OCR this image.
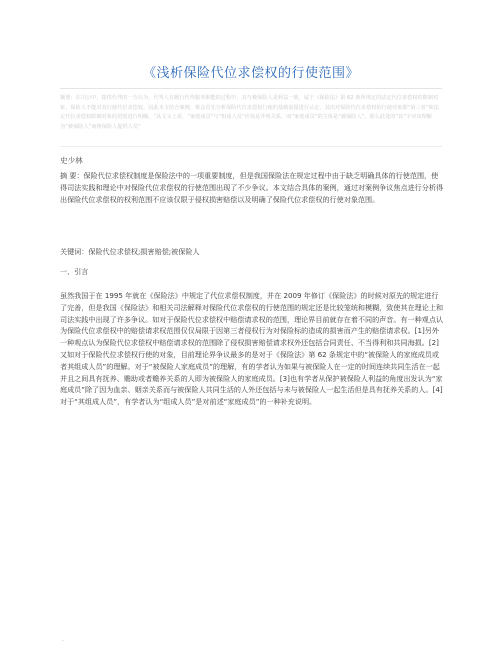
《浅析保险代位求偿权的行使范围》

摘要：在司公中，提供代驾的一方认为，代驾人在履行代驾服务职能的过程中，其与被保险人是利益一致，属于《保险法》第 62 条所规定的法定代位求偿权的限制对象，保险人不能对其行使代位求偿权。因此本文结合案例，将会首先分析保险代位求偿权行使的基础前提进行认定，其次对保险代位求偿权的行使对象即“第三者”和法定代位求偿权限制对象的范围进行明确。“从文义上看，“家庭成员”与“组成人员”应该是并列关系，而“家庭成员”的主体是“被保险人”，那么此处的“其”字应该理解为“被保险人”而将保险人提供人员”

史少林

摘 要：保险代位求偿权制度是保险法中的一项重要制度，但是我国保险法在规定过程中由于缺乏明确具体的行使范围，使得司法实践和理论中对保险代位求偿权的行使范围出现了不少争议。本文结合具体的案例，通过对案例争议焦点进行分析得出保险代位求偿权的权利范围不应该仅限于侵权损害赔偿以及明确了保险代位求偿权的行使对象范围。

关键词：保险代位求偿权;损害赔偿;被保险人

一、引言

虽然我国于在 1995 年就在《保险法》中规定了代位求偿权制度，并在 2009 年修订《保险法》的时候对原先的规定进行了完善，但是我国《保险法》和相关司法解释对保险代位求偿权的行使范围的规定还是比较笼统和模糊，致使其在理论上和司法实践中出现了许多争议。如对于保险代位求偿权中赔偿请求权的范围，理论界目前就存在着不同的声音。有一种观点认为保险代位求偿权中的赔偿请求权范围仅仅局限于因第三者侵权行为对保险标的造成的损害而产生的赔偿请求权。[1]另外一种观点认为保险代位求偿权中赔偿请求权的范围除了侵权损害赔偿请求权外还包括合同责任、不当得利和共同海损。[2]又如对于保险代位求偿权行使的对象，目前理论界争议最多的是对于《保险法》第 62 条规定中的“被保险人的家庭成员或者其组成人员”的理解。对于“被保险人家庭成员”的理解，有的学者认为如果与被保险人在一定的时间连续共同生活在一起并且之间具有抚养、赡助或者赡养关系的人即为被保险人的家庭成员。[3]也有学者从保护被保险人利益的角度出发认为“家庭成员”除了因为血亲、姻亲关系而与被保险人共同生活的人外还包括与未与被保险人一起生活但是具有抚养关系的人。[4]对于“其组成人员”，有学者认为“组成人员”是对前述“家庭成员”的一种补充说明。

.
